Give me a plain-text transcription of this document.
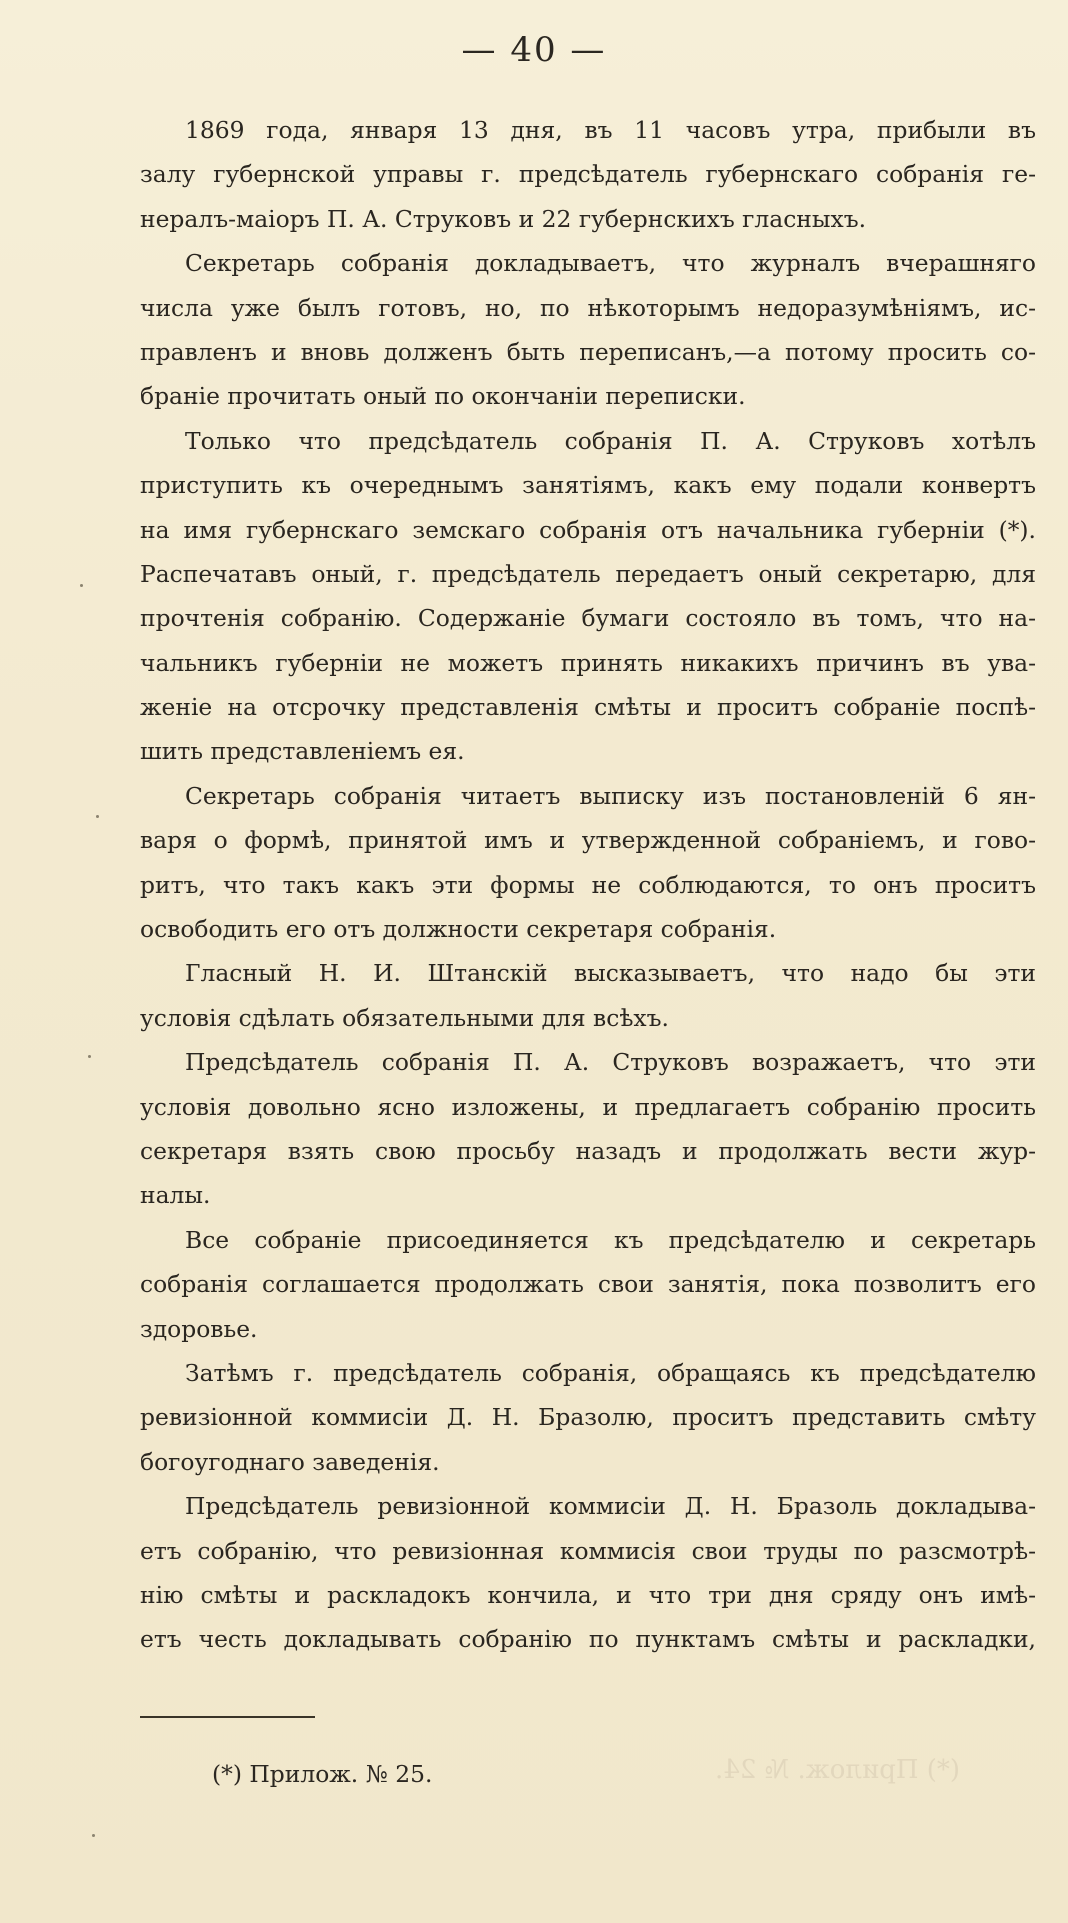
— 40 —
1869 года, января 13 дня, въ 11 часовъ утра, прибыли въ
залу губернской управы г. предсѣдатель губернскаго собранія ге-
нералъ-маіоръ П. А. Струковъ и 22 губернскихъ гласныхъ.
Секретарь собранія докладываетъ, что журналъ вчерашняго
числа уже былъ готовъ, но, по нѣкоторымъ недоразумѣніямъ, ис-
правленъ и вновь долженъ быть переписанъ,—а потому просить со-
браніе прочитать оный по окончаніи переписки.
Только что предсѣдатель собранія П. А. Струковъ хотѣлъ
приступить къ очереднымъ занятіямъ, какъ ему подали конвертъ
на имя губернскаго земскаго собранія отъ начальника губерніи (*).
Распечатавъ оный, г. предсѣдатель передаетъ оный секретарю, для
прочтенія собранію. Содержаніе бумаги состояло въ томъ, что на-
чальникъ губерніи не можетъ принять никакихъ причинъ въ ува-
женіе на отсрочку представленія смѣты и проситъ собраніе поспѣ-
шить представленіемъ ея.
Секретарь собранія читаетъ выписку изъ постановленій 6 ян-
варя о формѣ, принятой имъ и утвержденной собраніемъ, и гово-
ритъ, что такъ какъ эти формы не соблюдаются, то онъ проситъ
освободить его отъ должности секретаря собранія.
Гласный Н. И. Штанскій высказываетъ, что надо бы эти
условія сдѣлать обязательными для всѣхъ.
Предсѣдатель собранія П. А. Струковъ возражаетъ, что эти
условія довольно ясно изложены, и предлагаетъ собранію просить
секретаря взять свою просьбу назадъ и продолжать вести жур-
налы.
Все собраніе присоединяется къ предсѣдателю и секретарь
собранія соглашается продолжать свои занятія, пока позволитъ его
здоровье.
Затѣмъ г. предсѣдатель собранія, обращаясь къ предсѣдателю
ревизіонной коммисіи Д. Н. Бразолю, проситъ представить смѣту
богоугоднаго заведенія.
Предсѣдатель ревизіонной коммисіи Д. Н. Бразоль докладыва-
етъ собранію, что ревизіонная коммисія свои труды по разсмотрѣ-
нію смѣты и раскладокъ кончила, и что три дня сряду онъ имѣ-
етъ честь докладывать собранію по пунктамъ смѣты и раскладки,
(*) Прилож. № 25.	(*) Прилож. № 24.
